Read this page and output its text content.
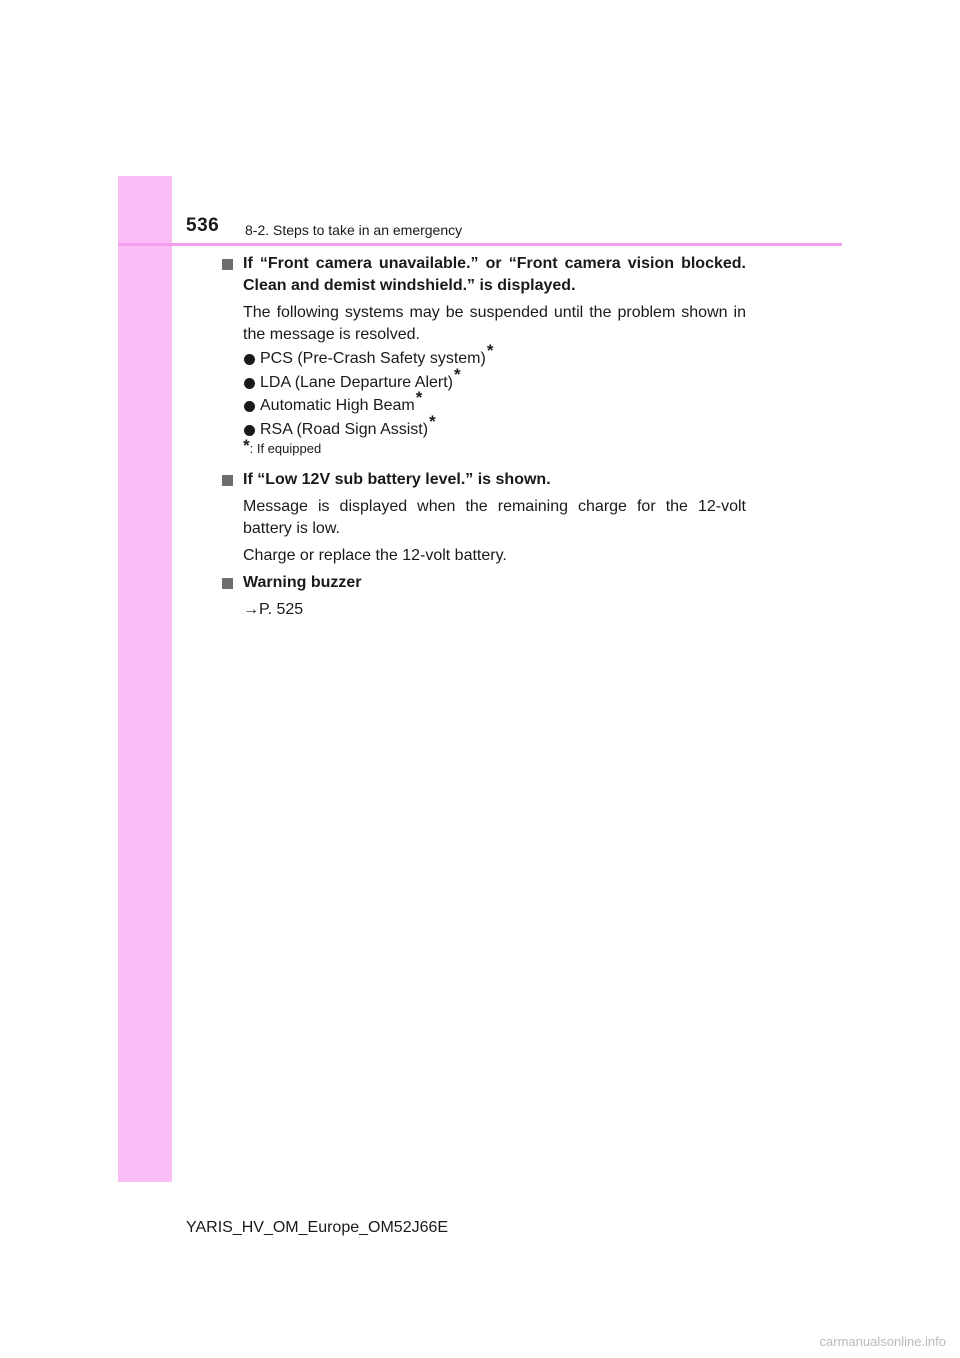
536 8-2. Steps to take in an emergency
If “Front camera unavailable.” or “Front camera vision blocked. Clean and demist windshield.” is displayed.
The following systems may be suspended until the problem shown in the message is resolved.
PCS (Pre-Crash Safety system)*
LDA (Lane Departure Alert)*
Automatic High Beam*
RSA (Road Sign Assist)*
*: If equipped
If “Low 12V sub battery level.” is shown.
Message is displayed when the remaining charge for the 12-volt battery is low.
Charge or replace the 12-volt battery.
Warning buzzer
→P. 525
YARIS_HV_OM_Europe_OM52J66E
carmanualsonline.info
